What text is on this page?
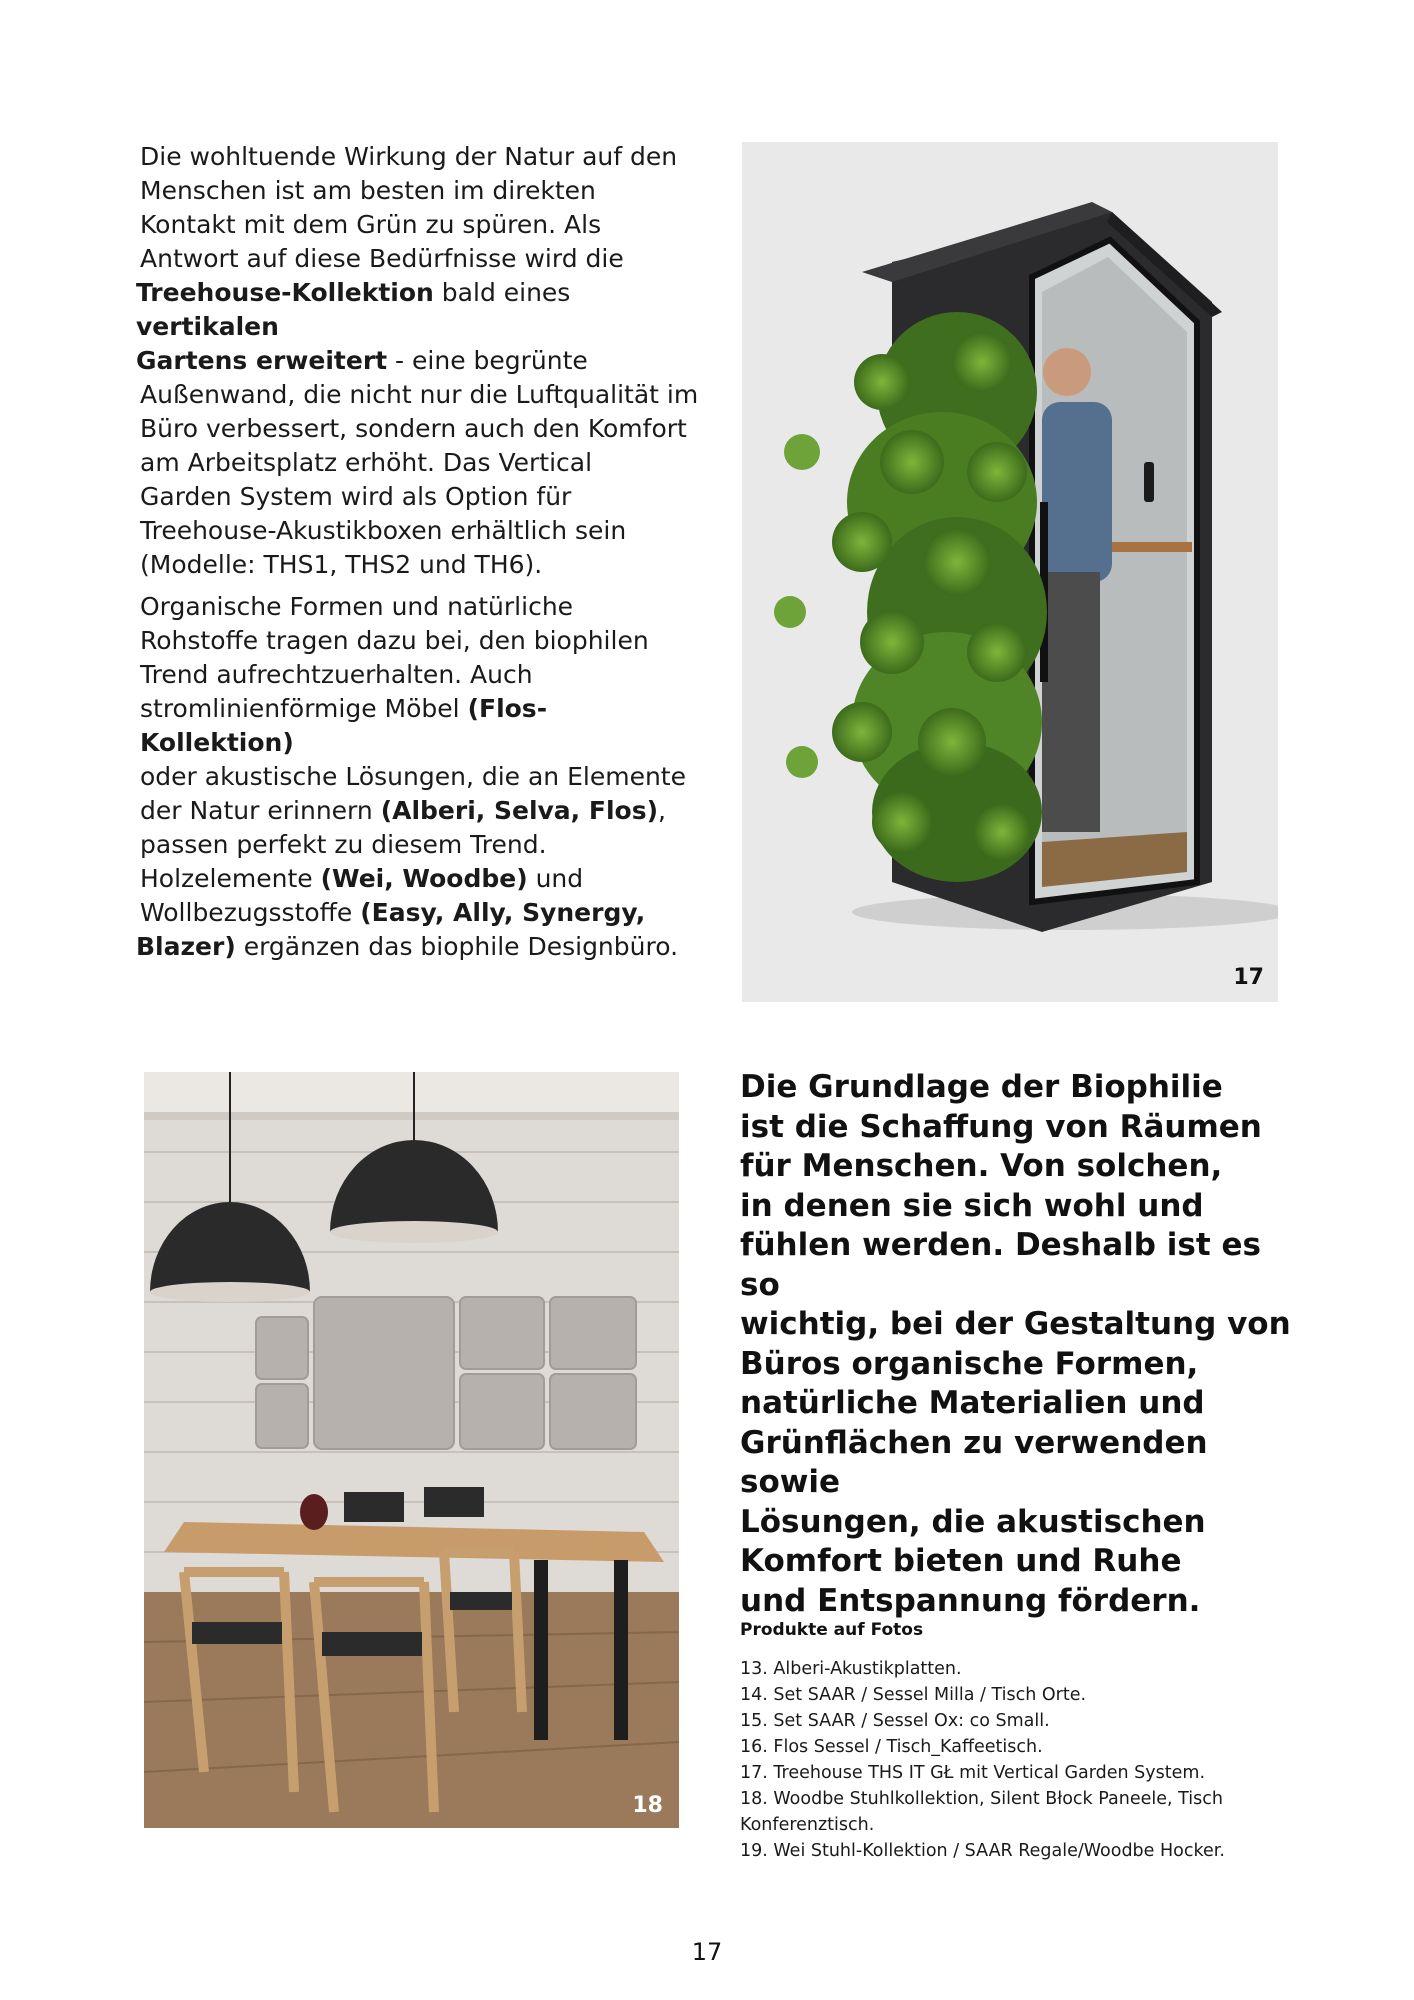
Die wohltuende Wirkung der Natur auf den

Menschen ist am besten im direkten

Kontakt mit dem Grün zu spüren. Als

Antwort auf diese Bedürfnisse wird die

Treehouse-Kollektion bald eines vertikalen

Gartens erweitert - eine begrünte

Außenwand, die nicht nur die Luftqualität im

Büro verbessert, sondern auch den Komfort

am Arbeitsplatz erhöht. Das Vertical

Garden System wird als Option für

Treehouse-Akustikboxen erhältlich sein

(Modelle: THS1, THS2 und TH6).

Organische Formen und natürliche

Rohstoffe tragen dazu bei, den biophilen

Trend aufrechtzuerhalten. Auch

stromlinienförmige Möbel (Flos-Kollektion)

oder akustische Lösungen, die an Elemente

der Natur erinnern (Alberi, Selva, Flos),

passen perfekt zu diesem Trend.

Holzelemente (Wei, Woodbe) und

Wollbezugsstoffe (Easy, Ally, Synergy,

Blazer) ergänzen das biophile Designbüro.

17
18
Die Grundlage der Biophilie
ist die Schaffung von Räumen
für Menschen. Von solchen,
in denen sie sich wohl und
fühlen werden. Deshalb ist es so
wichtig, bei der Gestaltung von
Büros organische Formen,
natürliche Materialien und
Grünflächen zu verwenden sowie
Lösungen, die akustischen
Komfort bieten und Ruhe
und Entspannung fördern.
Produkte auf Fotos
13. Alberi-Akustikplatten.
14. Set SAAR / Sessel Milla / Tisch Orte.
15. Set SAAR / Sessel Ox: co Small.
16. Flos Sessel / Tisch_Kaffeetisch.
17. Treehouse THS IT GŁ mit Vertical Garden System.
18. Woodbe Stuhlkollektion, Silent Błock Paneele, Tisch
Konferenztisch.
19. Wei Stuhl-Kollektion / SAAR Regale/Woodbe Hocker.
17
